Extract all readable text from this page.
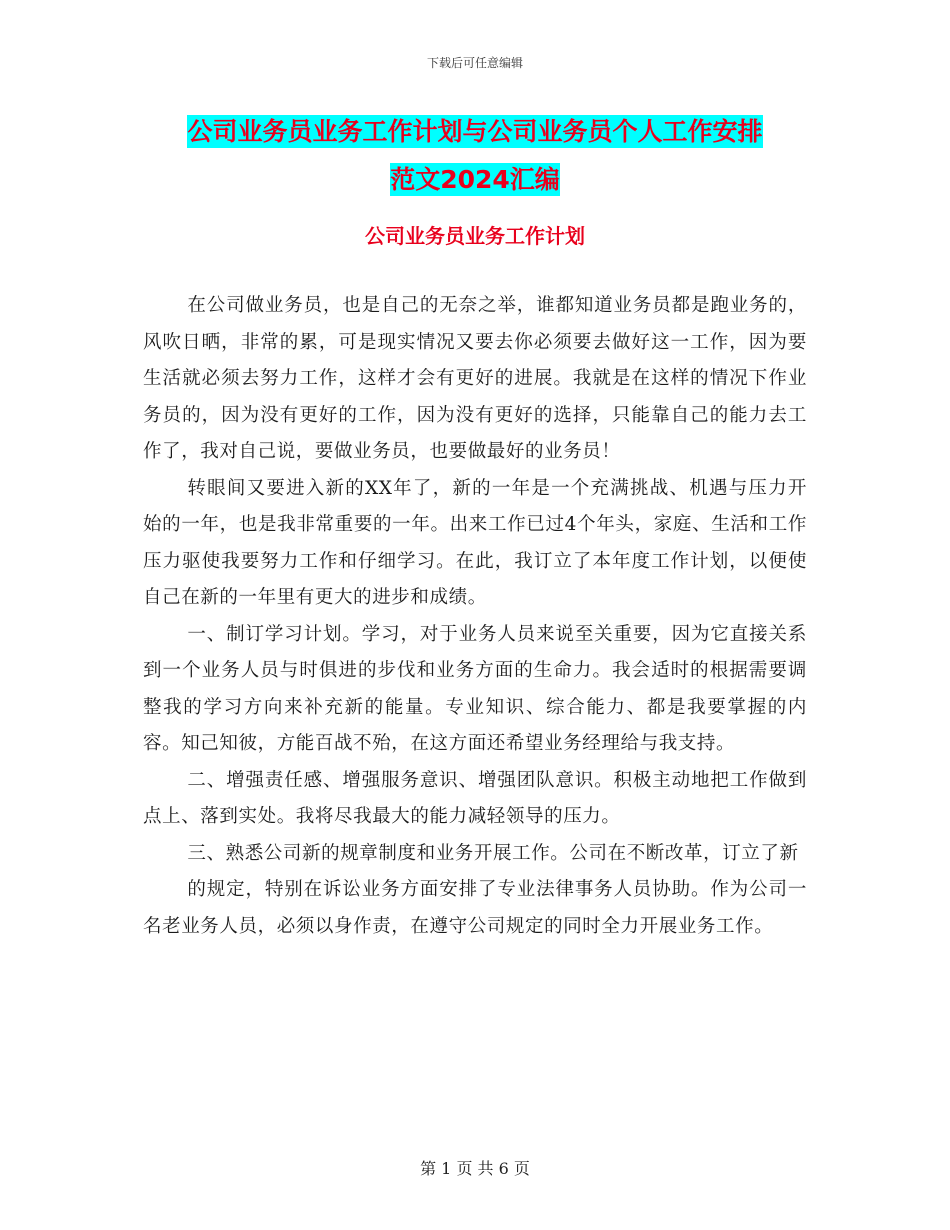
下载后可任意编辑
公司业务员业务工作计划与公司业务员个人工作安排
范文2024汇编
公司业务员业务工作计划

在公司做业务员，也是自己的无奈之举，谁都知道业务员都是跑业务的，风吹日晒，非常的累，可是现实情况又要去你必须要去做好这一工作，因为要生活就必须去努力工作，这样才会有更好的进展。我就是在这样的情况下作业务员的，因为没有更好的工作，因为没有更好的选择，只能靠自己的能力去工作了，我对自己说，要做业务员，也要做最好的业务员！

转眼间又要进入新的XX年了，新的一年是一个充满挑战、机遇与压力开始的一年，也是我非常重要的一年。出来工作已过4个年头，家庭、生活和工作压力驱使我要努力工作和仔细学习。在此，我订立了本年度工作计划，以便使自己在新的一年里有更大的进步和成绩。

一、制订学习计划。学习，对于业务人员来说至关重要，因为它直接关系到一个业务人员与时俱进的步伐和业务方面的生命力。我会适时的根据需要调整我的学习方向来补充新的能量。专业知识、综合能力、都是我要掌握的内容。知己知彼，方能百战不殆，在这方面还希望业务经理给与我支持。

二、增强责任感、增强服务意识、增强团队意识。积极主动地把工作做到点上、落到实处。我将尽我最大的能力减轻领导的压力。

三、熟悉公司新的规章制度和业务开展工作。公司在不断改革，订立了新

的规定，特别在诉讼业务方面安排了专业法律事务人员协助。作为公司一名老业务人员，必须以身作责，在遵守公司规定的同时全力开展业务工作。

第 1 页 共 6 页
